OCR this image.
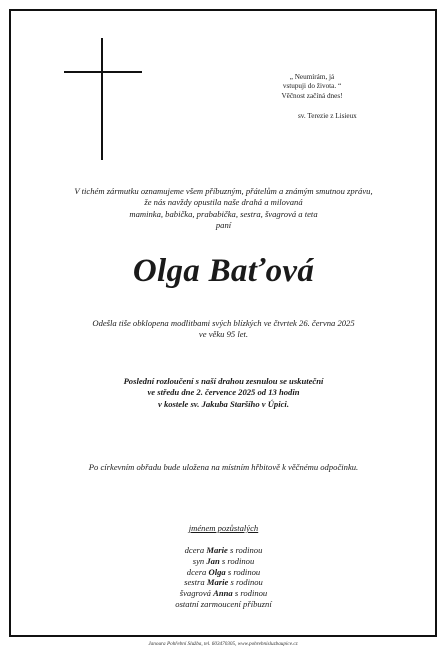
„ Neumírám, já
vstupuji do života. “
Věčnost začíná dnes!
sv. Terezie z Lisieux
V tichém zármutku oznamujeme všem příbuzným, přátelům a známým smutnou zprávu,
že nás navždy opustila naše drahá a milovaná
maminka, babička, prababička, sestra, švagrová a teta
paní
Olga Baťová
Odešla tiše obklopena modlitbami svých blízkých ve čtvrtek 26. června 2025
ve věku 95 let.
Poslední rozloučení s naší drahou zesnulou se uskuteční
ve středu dne 2. července 2025 od 13 hodin
v kostele sv. Jakuba Staršího v Úpici.
Po církevním obřadu bude uložena na místním hřbitově k věčnému odpočinku.
jménem pozůstalých
dcera Marie s rodinou
syn Jan s rodinou
dcera Olga s rodinou
sestra Marie s rodinou
švagrová Anna s rodinou
ostatní zarmoucení příbuzní
Janoura Pohřební Služba, tel. 603470305, www.pohrebnisluzbaupice.cz
